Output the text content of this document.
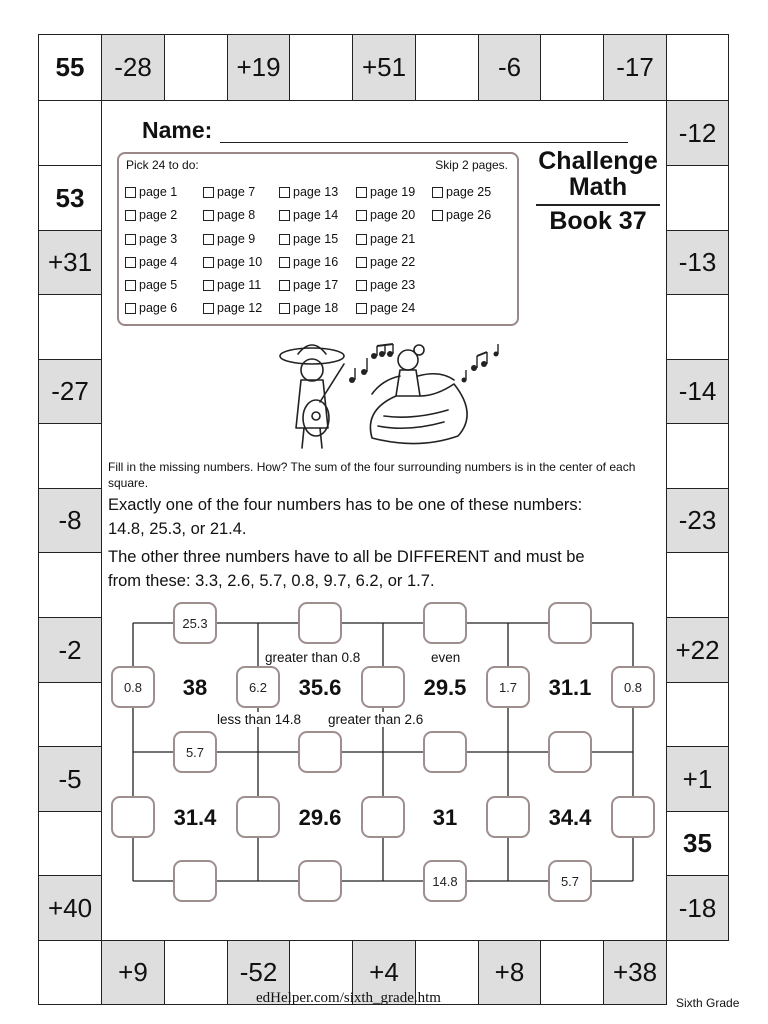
55	-28	+19	+51	-6	-17
-12
-13
-14
-23
+22
+1
35
-18
53
+31
-27
-8
-2
-5
+40
+9	-52	+4	+8	+38
Name:
Pick 24 to do:	Skip 2 pages.
page 1
page 2
page 3
page 4
page 5
page 6
page 7
page 8
page 9
page 10
page 11
page 12
page 13
page 14
page 15
page 16
page 17
page 18
page 19
page 20
page 21
page 22
page 23
page 24
page 25
page 26
Challenge
Math
Book 37
Fill in the missing numbers. How? The sum of the four surrounding numbers is in the center of each square.
Exactly one of the four numbers has to be one of these numbers:
14.8, 25.3, or 21.4.
The other three numbers have to all be DIFFERENT and must be
from these: 3.3, 2.6, 5.7, 0.8, 9.7, 6.2, or 1.7.
25.3
0.8
6.2
1.7
0.8
5.7
14.8
5.7
38	35.6	29.5	31.1
31.4	29.6	31	34.4
greater than 0.8	even
less than 14.8 greater than 2.6
edHelper.com/sixth_grade.htm	Sixth Grade
